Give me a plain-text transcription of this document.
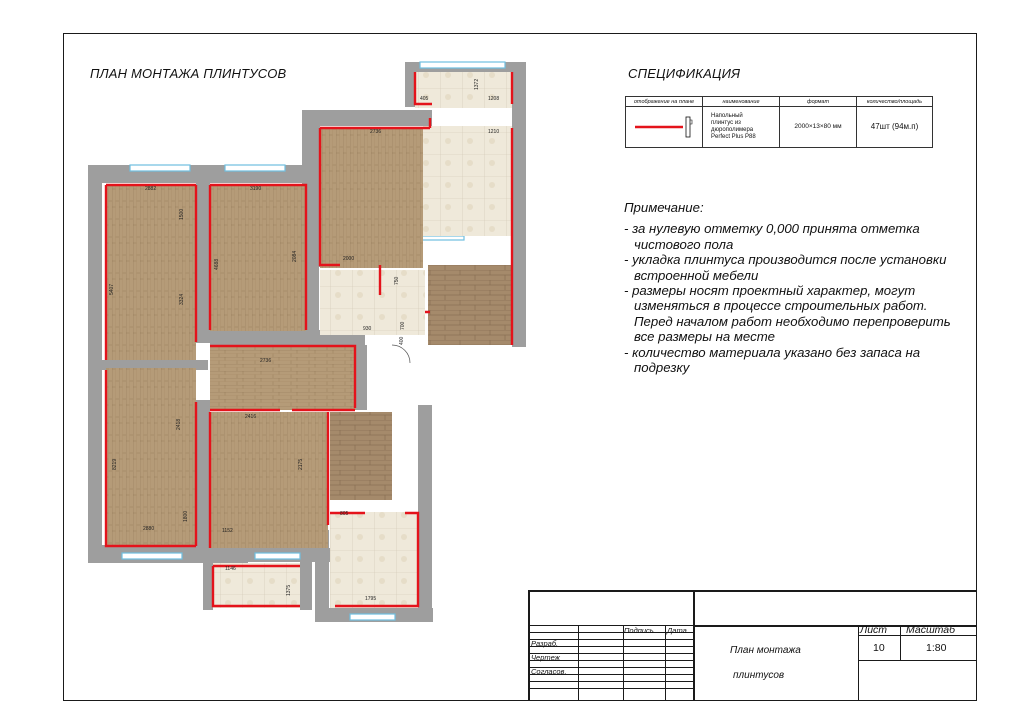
ПЛАН МОНТАЖА ПЛИНТУСОВ	СПЕЦИФИКАЦИЯ
отображение на плане	наименование	формат	количество/площадь

Напольный
плинтус из
дюрополимера
Perfect Plus P88	2000×13×80 мм	47шт (94м.п)
Примечание:
- за нулевую отметку 0,000 принята отметка чистового пола
- укладка плинтуса производится после установки встроенной мебели
- размеры носят проектный характер, могут изменяться в процессе строительных работ. Перед началом работ необходимо перепроверить все размеры на месте
- количество материала указано без запаса на подрезку
2882	3190
2736
1208
405
1210
2736
2416
2880	1152
1146
1795
2000
930
805
5407
8219
4688
2084
3324
2418
2175
1800
1500
1375
750
400
700
1372
Подпись Дата
Разраб.
Чертеж
Согласов.
Лист Масштаб
10	1:80
План монтажа
плинтусов
